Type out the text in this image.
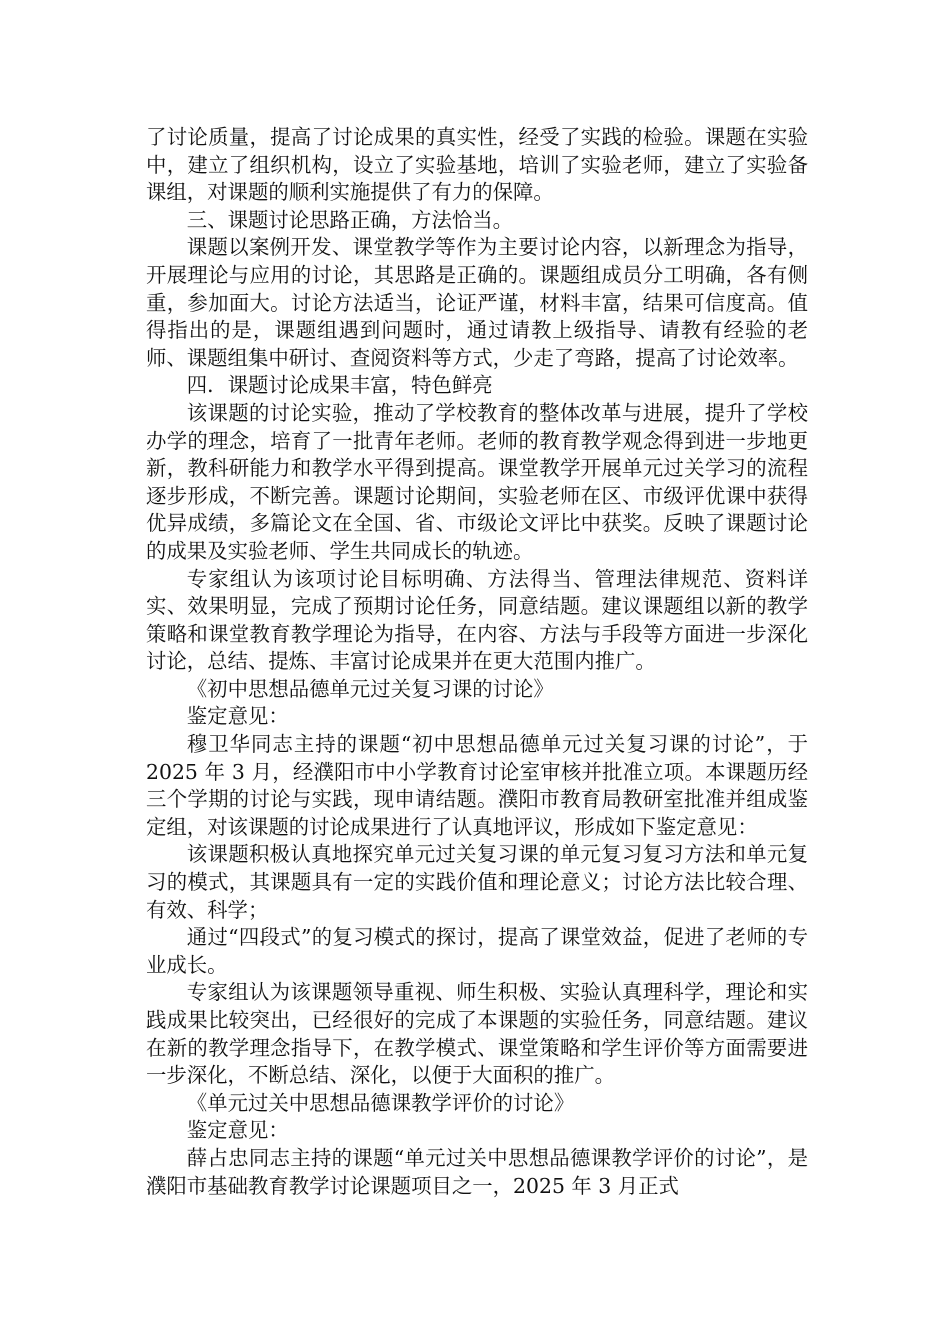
了讨论质量，提高了讨论成果的真实性，经受了实践的检验。课题在实验中，建立了组织机构，设立了实验基地，培训了实验老师，建立了实验备课组，对课题的顺利实施提供了有力的保障。

三、课题讨论思路正确，方法恰当。

课题以案例开发、课堂教学等作为主要讨论内容，以新理念为指导，开展理论与应用的讨论，其思路是正确的。课题组成员分工明确，各有侧重，参加面大。讨论方法适当，论证严谨，材料丰富，结果可信度高。值得指出的是，课题组遇到问题时，通过请教上级指导、请教有经验的老师、课题组集中研讨、查阅资料等方式，少走了弯路，提高了讨论效率。

四．课题讨论成果丰富，特色鲜亮

该课题的讨论实验，推动了学校教育的整体改革与进展，提升了学校办学的理念，培育了一批青年老师。老师的教育教学观念得到进一步地更新，教科研能力和教学水平得到提高。课堂教学开展单元过关学习的流程逐步形成，不断完善。课题讨论期间，实验老师在区、市级评优课中获得优异成绩，多篇论文在全国、省、市级论文评比中获奖。反映了课题讨论的成果及实验老师、学生共同成长的轨迹。

专家组认为该项讨论目标明确、方法得当、管理法律规范、资料详实、效果明显，完成了预期讨论任务，同意结题。建议课题组以新的教学策略和课堂教育教学理论为指导，在内容、方法与手段等方面进一步深化讨论，总结、提炼、丰富讨论成果并在更大范围内推广。

《初中思想品德单元过关复习课的讨论》

鉴定意见：

穆卫华同志主持的课题“初中思想品德单元过关复习课的讨论”，于 2025 年 3 月，经濮阳市中小学教育讨论室审核并批准立项。本课题历经三个学期的讨论与实践，现申请结题。濮阳市教育局教研室批准并组成鉴定组，对该课题的讨论成果进行了认真地评议，形成如下鉴定意见：

该课题积极认真地探究单元过关复习课的单元复习复习方法和单元复习的模式，其课题具有一定的实践价值和理论意义；讨论方法比较合理、有效、科学；

通过“四段式”的复习模式的探讨，提高了课堂效益，促进了老师的专业成长。

专家组认为该课题领导重视、师生积极、实验认真理科学，理论和实践成果比较突出，已经很好的完成了本课题的实验任务，同意结题。建议在新的教学理念指导下，在教学模式、课堂策略和学生评价等方面需要进一步深化，不断总结、深化，以便于大面积的推广。

《单元过关中思想品德课教学评价的讨论》

鉴定意见：

薛占忠同志主持的课题“单元过关中思想品德课教学评价的讨论”，是濮阳市基础教育教学讨论课题项目之一，2025 年 3 月正式
